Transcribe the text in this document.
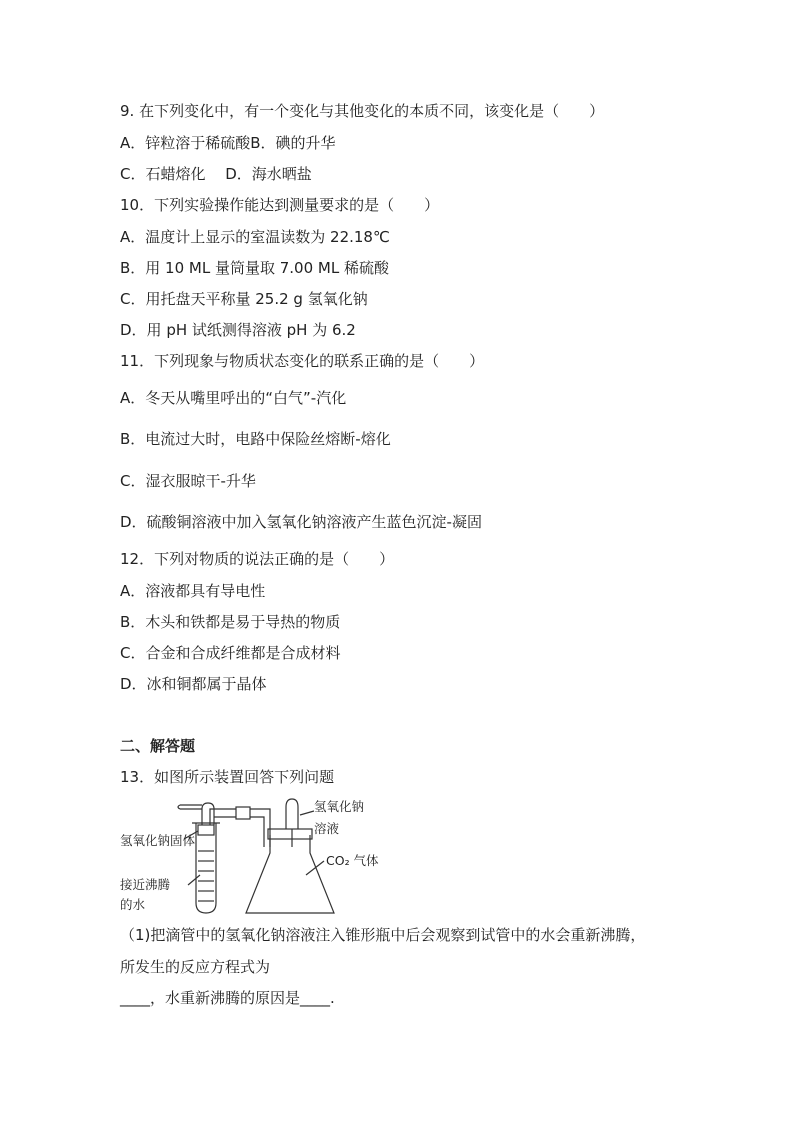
9. 在下列变化中，有一个变化与其他变化的本质不同，该变化是（　　）
A．锌粒溶于稀硫酸B．碘的升华
C．石蜡熔化　 D．海水晒盐
10．下列实验操作能达到测量要求的是（　　）
A．温度计上显示的室温读数为 22.18℃
B．用 10 ML 量筒量取 7.00 ML 稀硫酸
C．用托盘天平称量 25.2 g 氢氧化钠
D．用 pH 试纸测得溶液 pH 为 6.2
11．下列现象与物质状态变化的联系正确的是（　　）
A．冬天从嘴里呼出的“白气”-汽化
B．电流过大时，电路中保险丝熔断-熔化
C．湿衣服晾干-升华
D．硫酸铜溶液中加入氢氧化钠溶液产生蓝色沉淀-凝固
12．下列对物质的说法正确的是（　　）
A．溶液都具有导电性
B．木头和铁都是易于导热的物质
C．合金和合成纤维都是合成材料
D．冰和铜都属于晶体
二、解答题
13．如图所示装置回答下列问题
氢氧化钠
溶液
氢氧化钠固体
CO₂ 气体
接近沸腾
的水
（1)把滴管中的氢氧化钠溶液注入锥形瓶中后会观察到试管中的水会重新沸腾，
所发生的反应方程式为
____，水重新沸腾的原因是____.
